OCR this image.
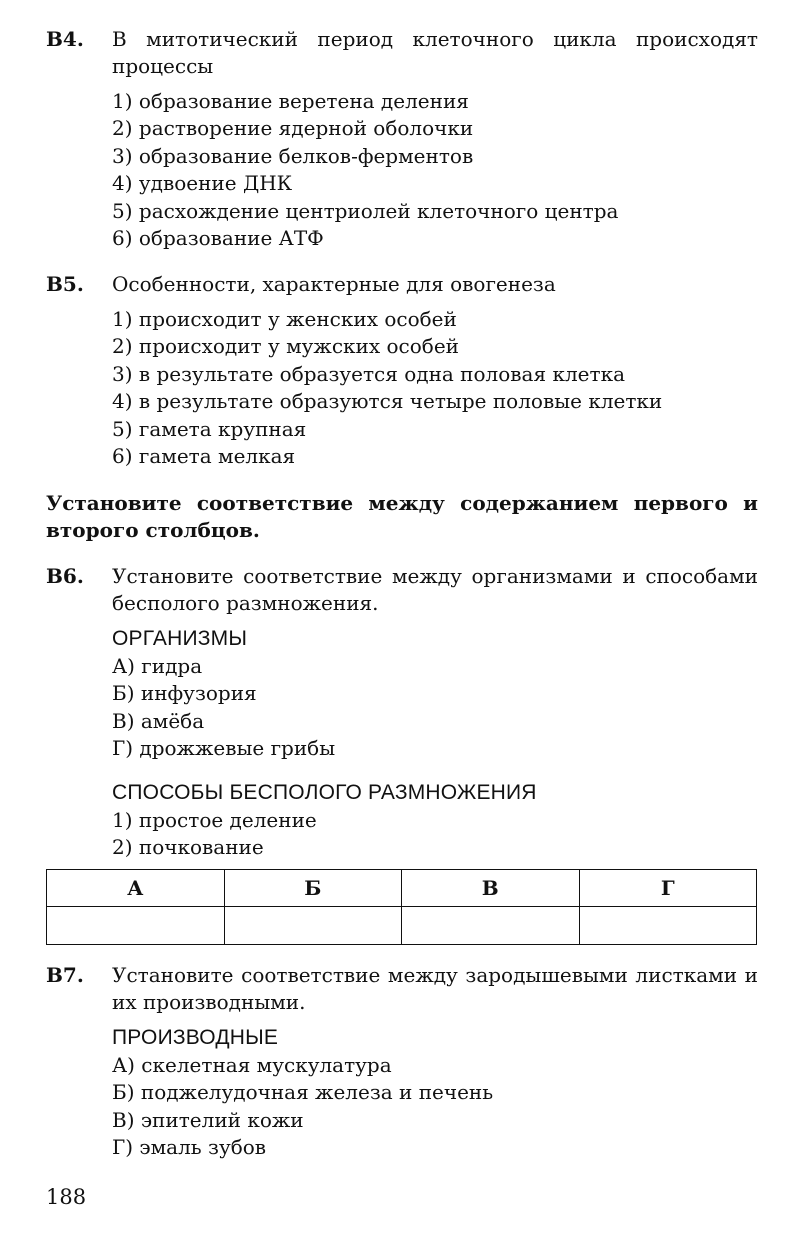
B4. В митотический период клеточного цикла происходят процессы
1) образование веретена деления
2) растворение ядерной оболочки
3) образование белков-ферментов
4) удвоение ДНК
5) расхождение центриолей клеточного центра
6) образование АТФ
B5. Особенности, характерные для овогенеза
1) происходит у женских особей
2) происходит у мужских особей
3) в результате образуется одна половая клетка
4) в результате образуются четыре половые клетки
5) гамета крупная
6) гамета мелкая
Установите соответствие между содержанием первого и второго столбцов.
B6. Установите соответствие между организмами и способами бесполого размножения.
ОРГАНИЗМЫ
А) гидра
Б) инфузория
В) амёба
Г) дрожжевые грибы
СПОСОБЫ БЕСПОЛОГО РАЗМНОЖЕНИЯ
1) простое деление
2) почкование
А	Б	В	Г

B7. Установите соответствие между зародышевыми листками и их производными.
ПРОИЗВОДНЫЕ
А) скелетная мускулатура
Б) поджелудочная железа и печень
В) эпителий кожи
Г) эмаль зубов
188
